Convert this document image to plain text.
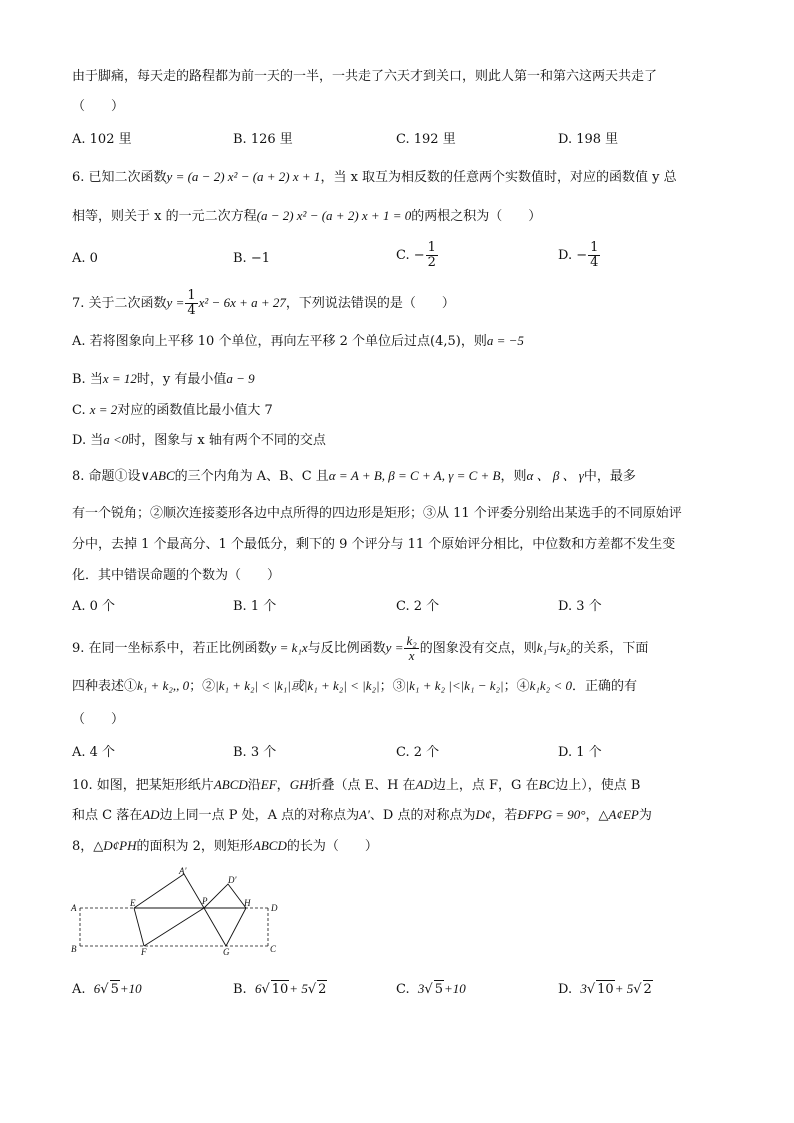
由于脚痛，每天走的路程都为前一天的一半，一共走了六天才到关口，则此人第一和第六这两天共走了
（　　）
A. 102 里	B. 126 里	C. 192 里	D. 198 里
6. 已知二次函数y = (a − 2) x² − (a + 2) x + 1，当 x 取互为相反数的任意两个实数值时，对应的函数值 y 总
相等，则关于 x 的一元二次方程(a − 2) x² − (a + 2) x + 1 = 0的两根之积为（　　）
A. 0	B. −1	C. − $\frac{1}{2}$	D. − $\frac{1}{4}$
7. 关于二次函数$y = \frac{1}{4} x^2 - 6x + a + 27$，下列说法错误的是（　　）
A. 若将图象向上平移 10 个单位，再向左平移 2 个单位后过点(4,5)，则a = −5
B. 当x = 12时，y 有最小值a − 9
C. x = 2对应的函数值比最小值大 7
D. 当a <0时，图象与 x 轴有两个不同的交点
8. 命题①设∨ABC的三个内角为 A、B、C 且α = A + B, β = C + A, γ = C + B，则α 、 β 、 γ中，最多
有一个锐角；②顺次连接菱形各边中点所得的四边形是矩形；③从 11 个评委分别给出某选手的不同原始评
分中，去掉 1 个最高分、1 个最低分，剩下的 9 个评分与 11 个原始评分相比，中位数和方差都不发生变
化．其中错误命题的个数为（　　）
A. 0 个	B. 1 个	C. 2 个	D. 3 个
9. 在同一坐标系中，若正比例函数y = k₁x与反比例函数$y = \frac{\text{k₂}}{x}$ 的图象没有交点，则k₁与k₂的关系，下面
四种表述①k₁ + k₂,, 0；②|k₁ + k₂| < |k₁|或|k₁ + k₂| < |k₂|；③|k₁ + k₂ |<|k₁ − k₂|；④k₁k₂ < 0．正确的有
（　　）
A. 4 个	B. 3 个	C. 2 个	D. 1 个
10. 如图，把某矩形纸片ABCD沿EF，GH折叠（点 E、H 在AD边上，点 F，G 在BC边上），使点 B
和点 C 落在AD边上同一点 P 处，A 点的对称点为A′、D 点的对称点为D¢，若ÐFPG = 90°，△A¢EP为
8，△D¢PH的面积为 2，则矩形ABCD的长为（　　）
A
A'
E	P
D'
H D
B	F	G	C
A. 6√ 5+10	B. 6√ 10+ 5√ 2	C. 3√ 5+10	D. 3√ 10+ 5√ 2
